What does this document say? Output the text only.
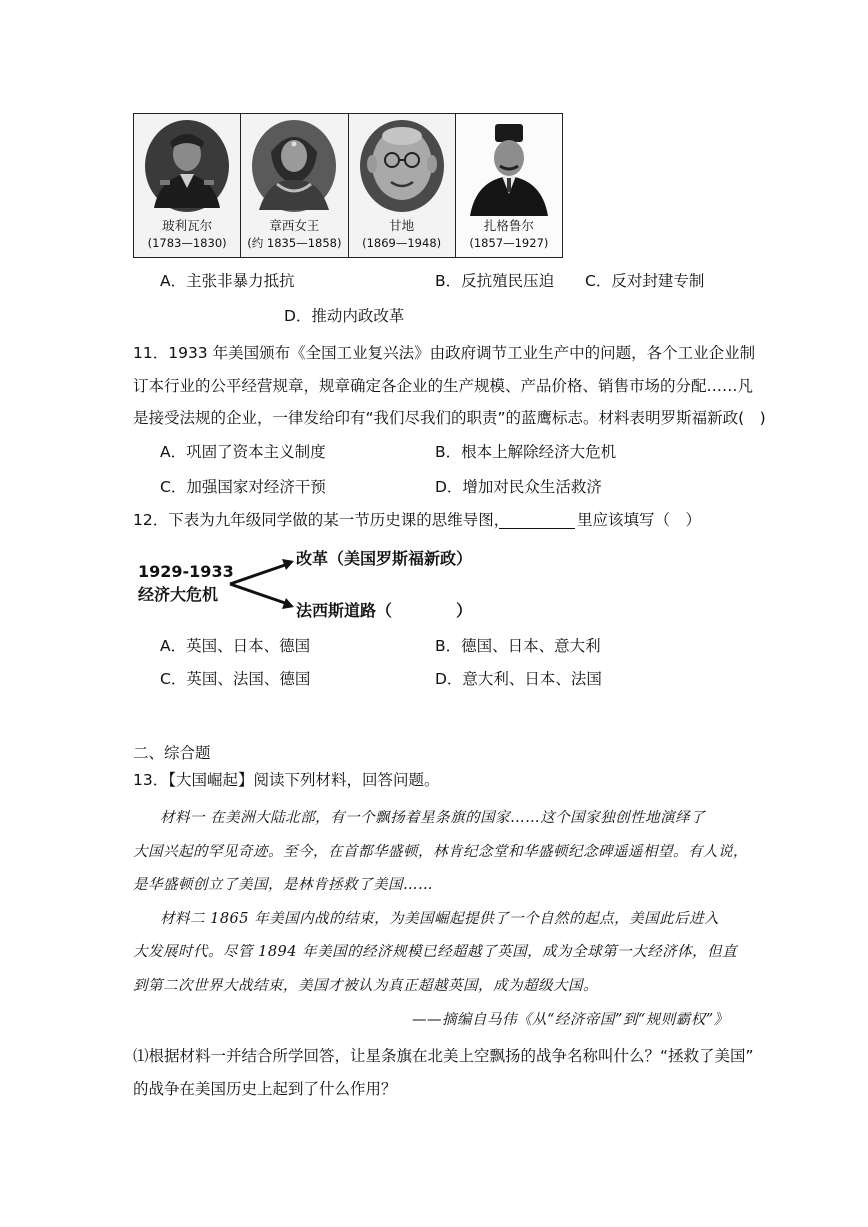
玻利瓦尔
(1783—1830)
章西女王
(约 1835—1858)
甘地
(1869—1948)
扎格鲁尔
(1857—1927)
A．主张非暴力抵抗	B．反抗殖民压迫 C．反对封建专制
D．推动内政改革
11．1933 年美国颁布《全国工业复兴法》由政府调节工业生产中的问题，各个工业企业制
订本行业的公平经营规章，规章确定各企业的生产规模、产品价格、销售市场的分配……凡
是接受法规的企业，一律发给印有“我们尽我们的职责”的蓝鹰标志。材料表明罗斯福新政(　)
A．巩固了资本主义制度	B．根本上解除经济大危机
C．加强国家对经济干预	D．增加对民众生活救济
12．下表为九年级同学做的某一节历史课的思维导图，	里应该填写（　）
1929-1933
经济大危机
改革（美国罗斯福新政）
法西斯道路（　　　　）
A．英国、日本、德国	B．德国、日本、意大利
C．英国、法国、德国	D．意大利、日本、法国
二、综合题
13．【大国崛起】阅读下列材料，回答问题。
材料一 在美洲大陆北部，有一个飘扬着星条旗的国家……这个国家独创性地演绎了
大国兴起的罕见奇迹。至今，在首都华盛顿，林肯纪念堂和华盛顿纪念碑遥遥相望。有人说，
是华盛顿创立了美国，是林肯拯救了美国……
材料二 1865 年美国内战的结束，为美国崛起提供了一个自然的起点，美国此后进入
大发展时代。尽管 1894 年美国的经济规模已经超越了英国，成为全球第一大经济体，但直
到第二次世界大战结束，美国才被认为真正超越英国，成为超级大国。
——摘编自马伟《从“经济帝国”到“规则霸权”》
⑴根据材料一并结合所学回答，让星条旗在北美上空飘扬的战争名称叫什么？“拯救了美国”
的战争在美国历史上起到了什么作用？
